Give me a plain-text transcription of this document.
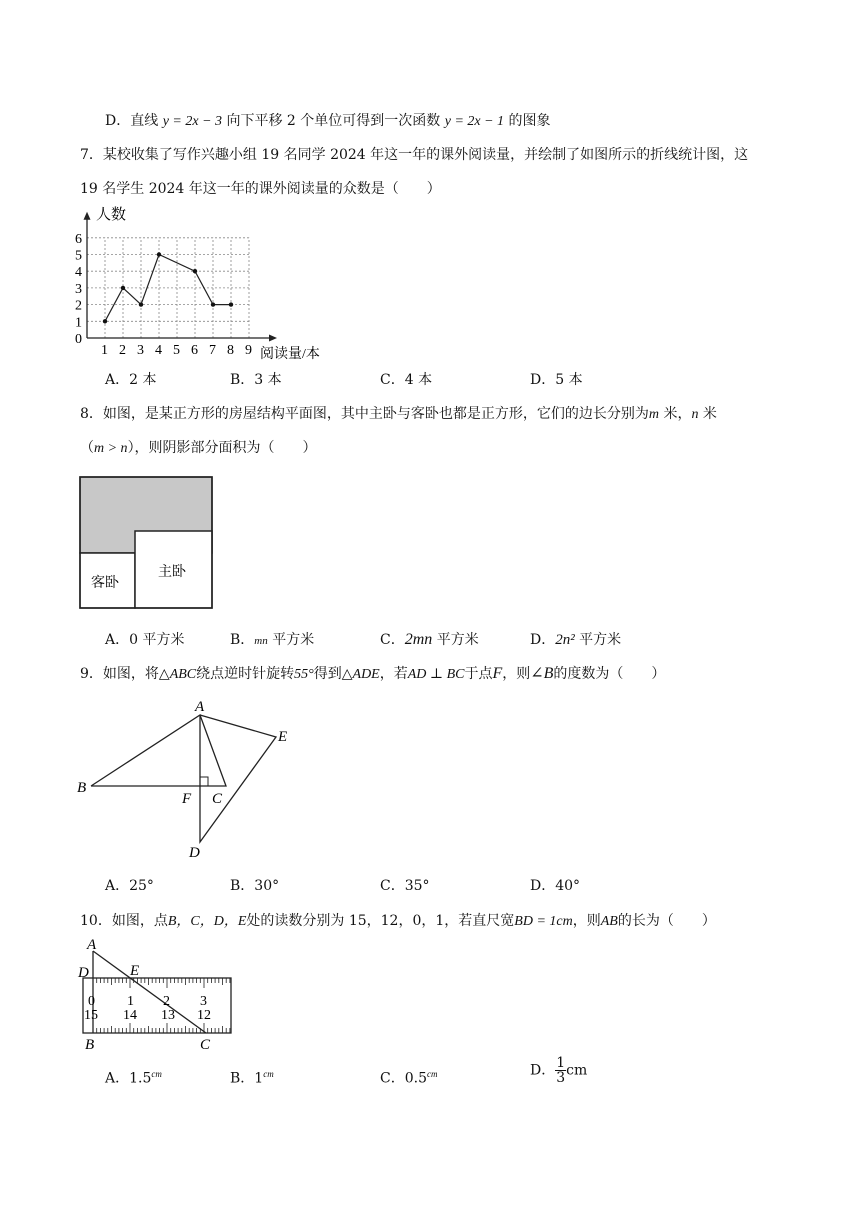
D．直线 y = 2x − 3 向下平移 2 个单位可得到一次函数 y = 2x − 1 的图象
7．某校收集了写作兴趣小组 19 名同学 2024 年这一年的课外阅读量，并绘制了如图所示的折线统计图，这
19 名学生 2024 年这一年的课外阅读量的众数是（　　）
1 2 3 4 5 6 7 8 9
0
1
2
3
4
5
6
人数
阅读量/本
A．2 本	B．3 本	C．4 本	D．5 本
8．如图，是某正方形的房屋结构平面图，其中主卧与客卧也都是正方形，它们的边长分别为m 米，n 米
（m > n），则阴影部分面积为（　　）
客卧
主卧
A．0 平方米	B．mn 平方米	C．2mn 平方米	D．2n² 平方米
9．如图，将△ABC绕点逆时针旋转55°得到△ADE，若AD ⊥ BC于点F，则∠B的度数为（　　）
A
B
C
D
E
F
A．25°	B．30°	C．35°	D．40°
10．如图，点B，C，D，E处的读数分别为 15，12，0，1，若直尺宽BD = 1cm，则AB的长为（　　）
0 1 2 3
15 14 13 12
A
D	E
B	C
A．$1.5^{cm}$	B．$1^{cm}$	C．$0.5^{cm}$	D． $\frac{1}{3}$ cm
